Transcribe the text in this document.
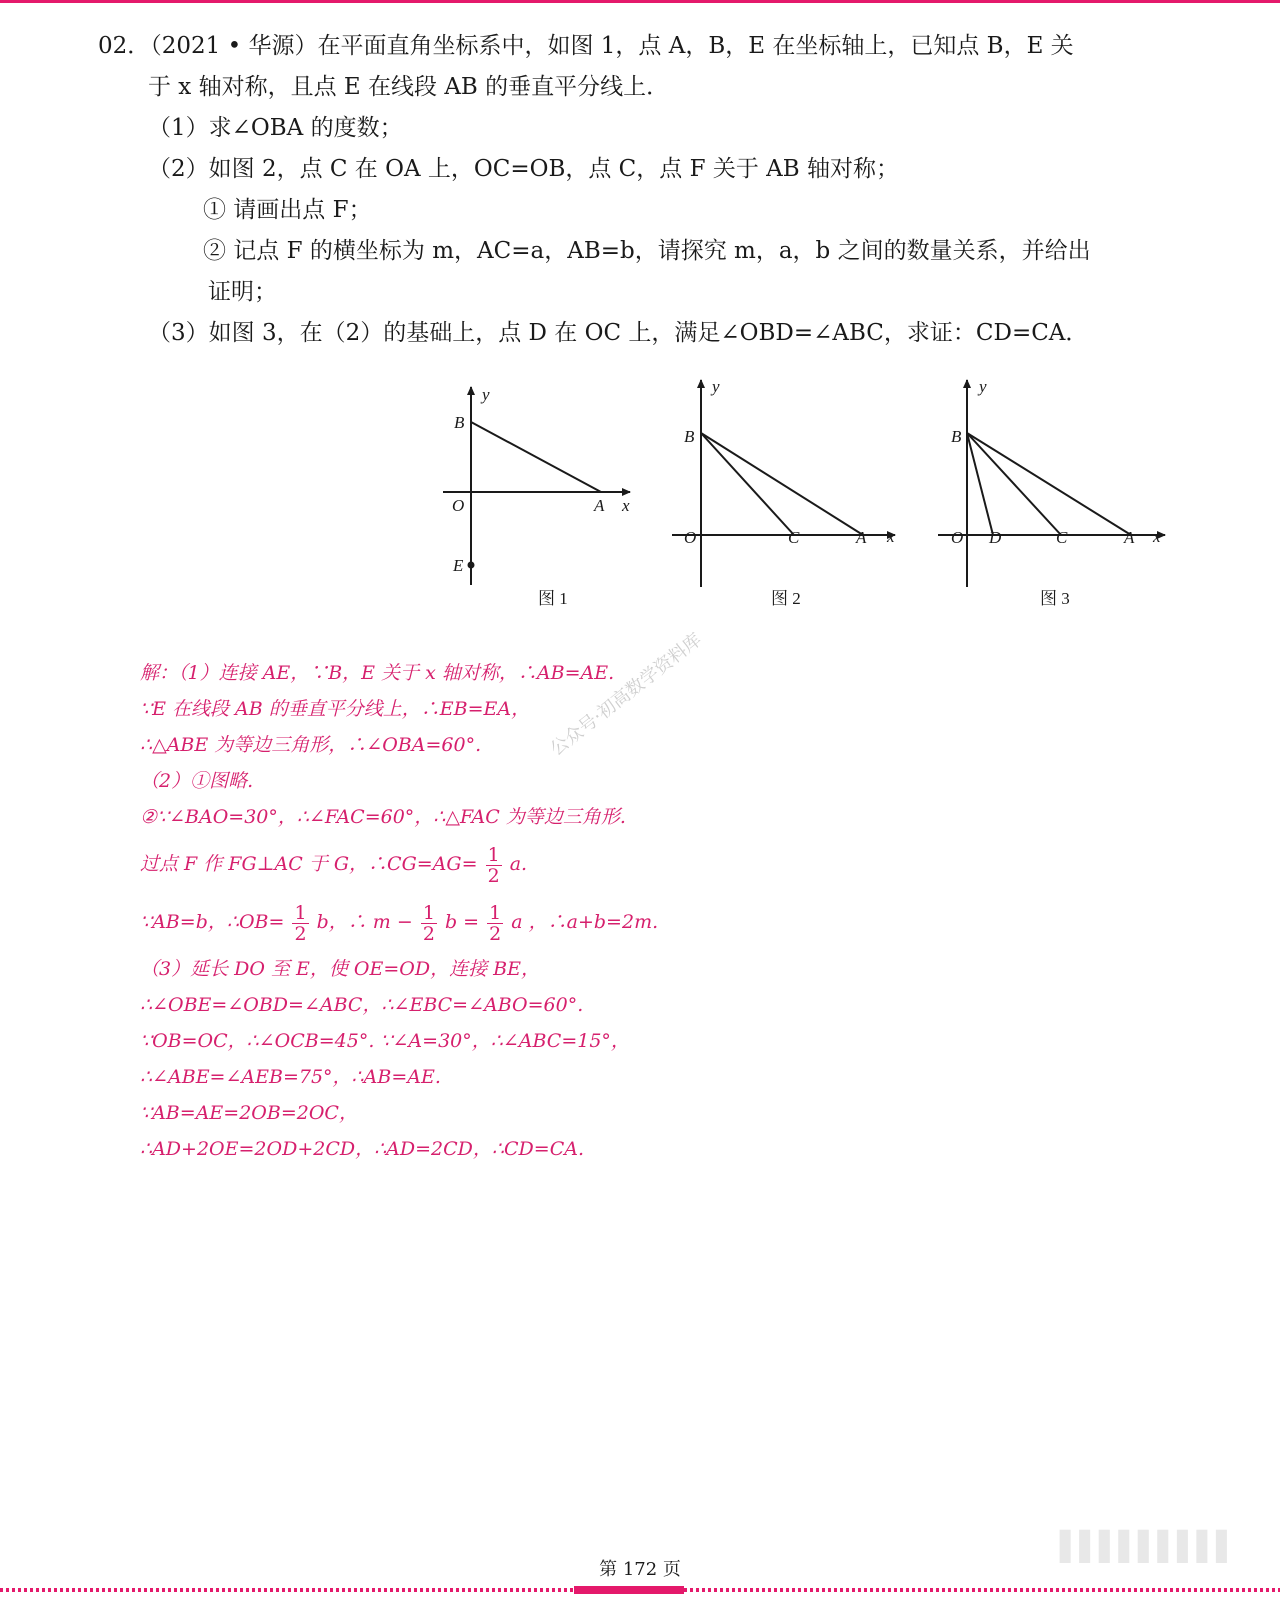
02．（2021 • 华源）在平面直角坐标系中，如图 1，点 A，B，E 在坐标轴上，已知点 B，E 关
于 x 轴对称，且点 E 在线段 AB 的垂直平分线上．
（1）求∠OBA 的度数；
（2）如图 2，点 C 在 OA 上，OC=OB，点 C，点 F 关于 AB 轴对称；
① 请画出点 F；
② 记点 F 的横坐标为 m，AC=a，AB=b，请探究 m，a，b 之间的数量关系，并给出
证明；
（3）如图 3，在（2）的基础上，点 D 在 OC 上，满足∠OBD=∠ABC，求证：CD=CA．
y
x
B
O	A
E
图 1
y
x
B
O	C	A
图 2
y
x
B
O D	C	A
图 3
公众号·初高数学资料库
解：（1）连接 AE，∵B，E 关于 x 轴对称，∴AB=AE.
∵E 在线段 AB 的垂直平分线上，∴EB=EA，
∴△ABE 为等边三角形，∴∠OBA=60°.
（2）①图略.
②∵∠BAO=30°，∴∠FAC=60°，∴△FAC 为等边三角形.
过点 F 作 FG⊥AC 于 G，∴CG=AG= $\frac{1}{2} a$.
∵AB=b，∴OB= $\frac{1}{2}$ b，∴ $m - \frac{1}{2}$ $b = \frac{1}{2}$ a ，∴a+b=2m.
（3）延长 DO 至 E，使 OE=OD，连接 BE，
∴∠OBE=∠OBD=∠ABC，∴∠EBC=∠ABO=60°.
∵OB=OC，∴∠OCB=45°. ∵∠A=30°，∴∠ABC=15°，
∴∠ABE=∠AEB=75°，∴AB=AE.
∵AB=AE=2OB=2OC，
∴AD+2OE=2OD+2CD，∴AD=2CD，∴CD=CA.
▌▌▌▌▌▌▌▌▌
第 172 页
